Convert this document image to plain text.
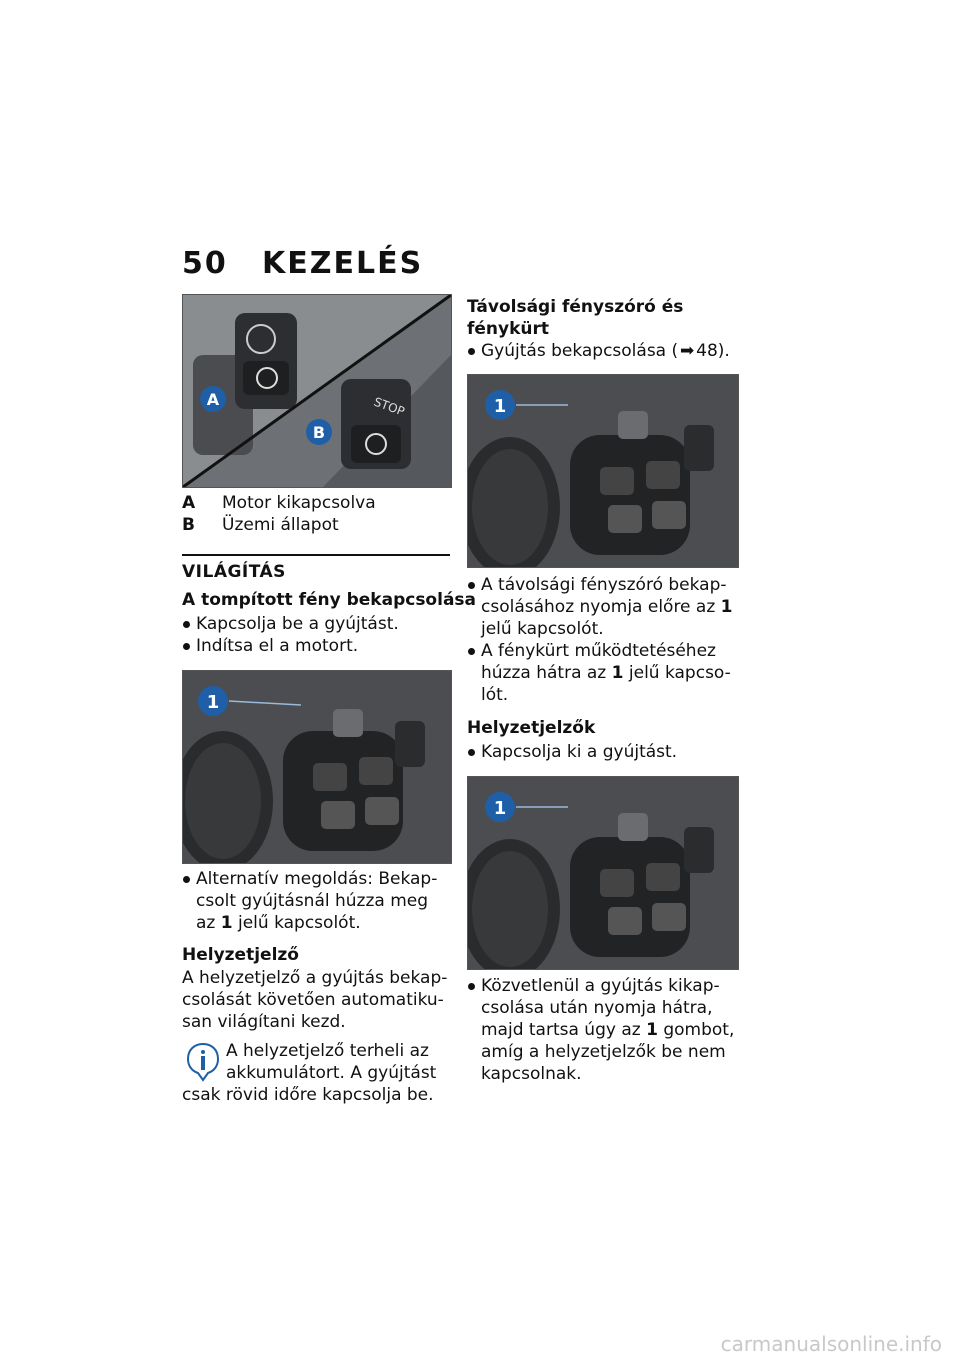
50 KEZELÉS
STOP
A
B
A	Motor kikapcsolva
B	Üzemi állapot
VILÁGÍTÁS
A tompított fény bekapcsolása
Kapcsolja be a gyújtást.
Indítsa el a motort.
1
Alternatív megoldás: Bekap-
csolt gyújtásnál húzza meg
az 1 jelű kapcsolót.
Helyzetjelző
A helyzetjelző a gyújtás bekap-
csolását követően automatiku-
san világítani kezd.
A helyzetjelző terheli az
akkumulátort. A gyújtást
csak rövid időre kapcsolja be.
Távolsági fényszóró és
fénykürt
Gyújtás bekapcsolása ( ➡ 48).
1
A távolsági fényszóró bekap-
csolásához nyomja előre az 1
jelű kapcsolót.
A fénykürt működtetéséhez
húzza hátra az 1 jelű kapcso-
lót.
Helyzetjelzők
Kapcsolja ki a gyújtást.
1
Közvetlenül a gyújtás kikap-
csolása után nyomja hátra,
majd tartsa úgy az 1 gombot,
amíg a helyzetjelzők be nem
kapcsolnak.
carmanualsonline.info
